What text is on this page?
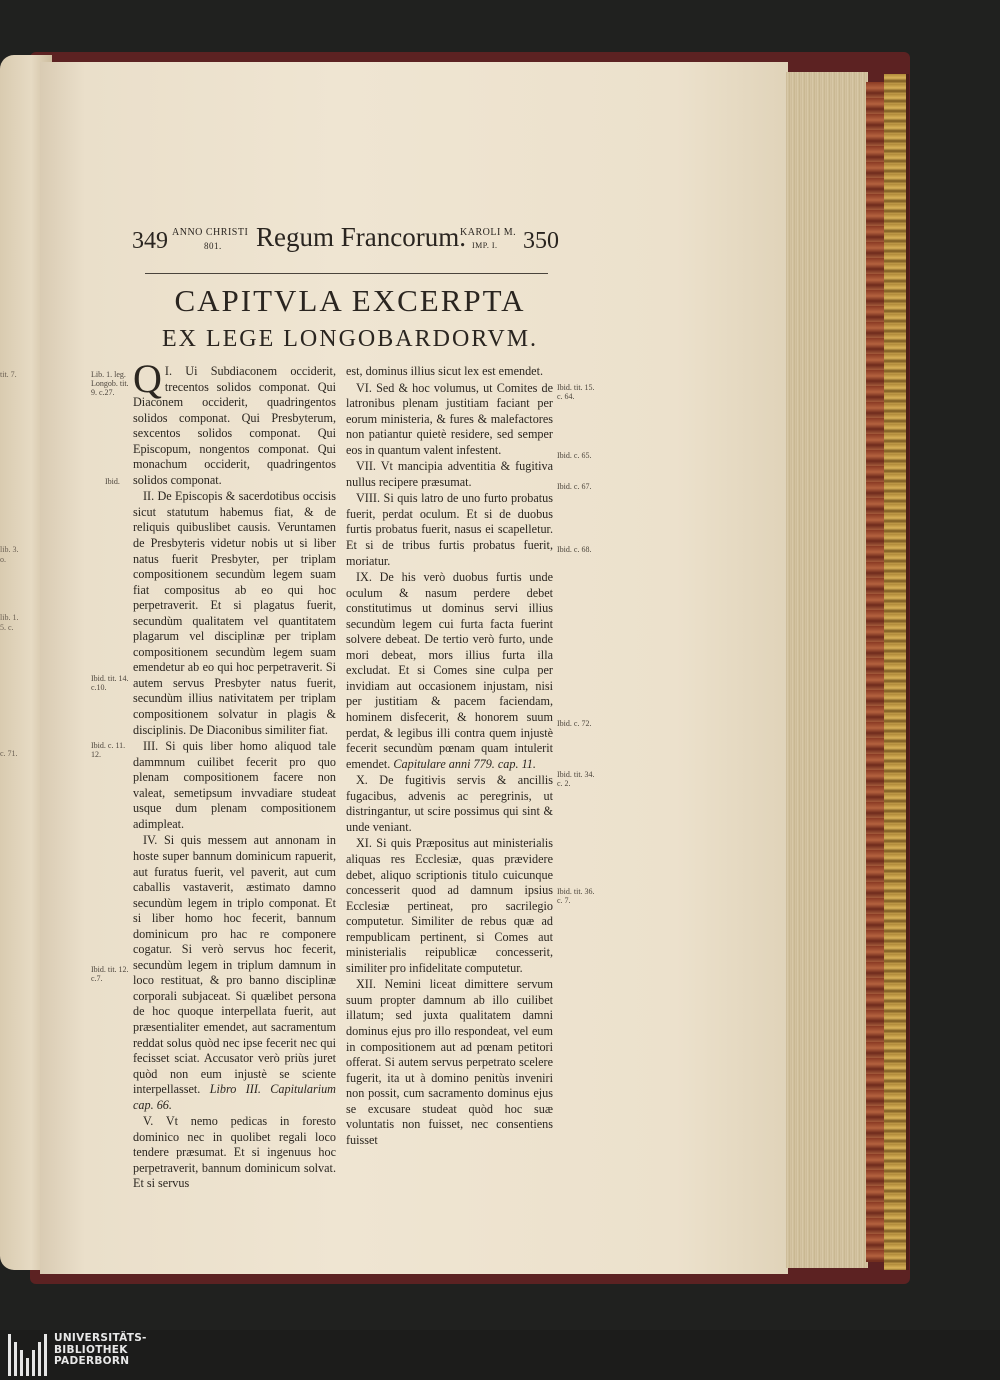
tit. 7.
lib. 3.
o.
lib. 1.
5. c.
c. 71.
349 ANNO CHRISTI
801. Regum Francorum.
KAROLI M.
IMP. I. 350
CAPITVLA EXCERPTA
EX LEGE LONGOBARDORVM.
Lib. 1. leg. Longob. tit. 9. c.27.
Ibid.
Ibid. tit. 14. c.10.
Ibid. c. 11. 12.
Ibid. tit. 12. c.7.
Ibid. tit. 15. c. 64.
Ibid. c. 65.
Ibid. c. 67.
Ibid. c. 68.
Ibid. c. 72.
Ibid. tit. 34. c. 2.
Ibid. tit. 36. c. 7.

I.
Q Ui Subdiaconem occiderit, trecentos solidos componat. Qui Diaconem occiderit, quadringentos solidos componat. Qui Presbyterum, sexcentos solidos componat. Qui Episcopum, nongentos componat. Qui monachum occiderit, quadringentos solidos componat.

II. De Episcopis & sacerdotibus occisis sicut statutum habemus fiat, & de reliquis quibuslibet causis. Veruntamen de Presbyteris videtur nobis ut si liber natus fuerit Presbyter, per triplam compositionem secundùm legem suam fiat compositus ab eo qui hoc perpetraverit. Et si plagatus fuerit, secundùm qualitatem vel quantitatem plagarum vel disciplinæ per triplam compositionem secundùm legem suam emendetur ab eo qui hoc perpetraverit. Si autem servus Presbyter natus fuerit, secundùm illius nativitatem per triplam compositionem solvatur in plagis & disciplinis. De Diaconibus similiter fiat.

III. Si quis liber homo aliquod tale dammnum cuilibet fecerit pro quo plenam compositionem facere non valeat, semetipsum invvadiare studeat usque dum plenam compositionem adimpleat.

IV. Si quis messem aut annonam in hoste super bannum dominicum rapuerit, aut furatus fuerit, vel paverit, aut cum caballis vastaverit, æstimato damno secundùm legem in triplo componat. Et si liber homo hoc fecerit, bannum dominicum pro hac re componere cogatur. Si verò servus hoc fecerit, secundùm legem in triplum damnum in loco restituat, & pro banno disciplinæ corporali subjaceat. Si quælibet persona de hoc quoque interpellata fuerit, aut præsentialiter emendet, aut sacramentum reddat solus quòd nec ipse fecerit nec qui fecisset sciat. Accusator verò priùs juret quòd non eum injustè se sciente interpellasset. Libro III. Capitularium cap. 66.

V. Vt nemo pedicas in foresto dominico nec in quolibet regali loco tendere præsumat. Et si ingenuus hoc perpetraverit, bannum dominicum solvat. Et si servus

est, dominus illius sicut lex est emendet.

VI. Sed & hoc volumus, ut Comites de latronibus plenam justitiam faciant per eorum ministeria, & fures & malefactores non patiantur quietè residere, sed semper eos in quantum valent infestent.

VII. Vt mancipia adventitia & fugitiva nullus recipere præsumat.

VIII. Si quis latro de uno furto probatus fuerit, perdat oculum. Et si de duobus furtis probatus fuerit, nasus ei scapelletur. Et si de tribus furtis probatus fuerit, moriatur.

IX. De his verò duobus furtis unde oculum & nasum perdere debet constitutimus ut dominus servi illius secundùm legem cui furta facta fuerint solvere debeat. De tertio verò furto, unde mori debeat, mors illius furta illa excludat. Et si Comes sine culpa per invidiam aut occasionem injustam, nisi per justitiam & pacem faciendam, hominem disfecerit, & honorem suum perdat, & legibus illi contra quem injustè fecerit secundùm pœnam quam intulerit emendet. Capitulare anni 779. cap. 11.

X. De fugitivis servis & ancillis fugacibus, advenis ac peregrinis, ut distringantur, ut scire possimus qui sint & unde veniant.

XI. Si quis Præpositus aut ministerialis aliquas res Ecclesiæ, quas prævidere debet, aliquo scriptionis titulo cuicunque concesserit quod ad damnum ipsius Ecclesiæ pertineat, pro sacrilegio computetur. Similiter de rebus quæ ad rempublicam pertinent, si Comes aut ministerialis reipublicæ concesserit, similiter pro infidelitate computetur.

XII. Nemini liceat dimittere servum suum propter damnum ab illo cuilibet illatum; sed juxta qualitatem damni dominus ejus pro illo respondeat, vel eum in compositionem aut ad pœnam petitori offerat. Si autem servus perpetrato scelere fugerit, ita ut à domino penitùs inveniri non possit, cum sacramento dominus ejus se excusare studeat quòd hoc suæ voluntatis non fuisset, nec consentiens fuisset

UNIVERSITÄTS-
BIBLIOTHEK
PADERBORN
